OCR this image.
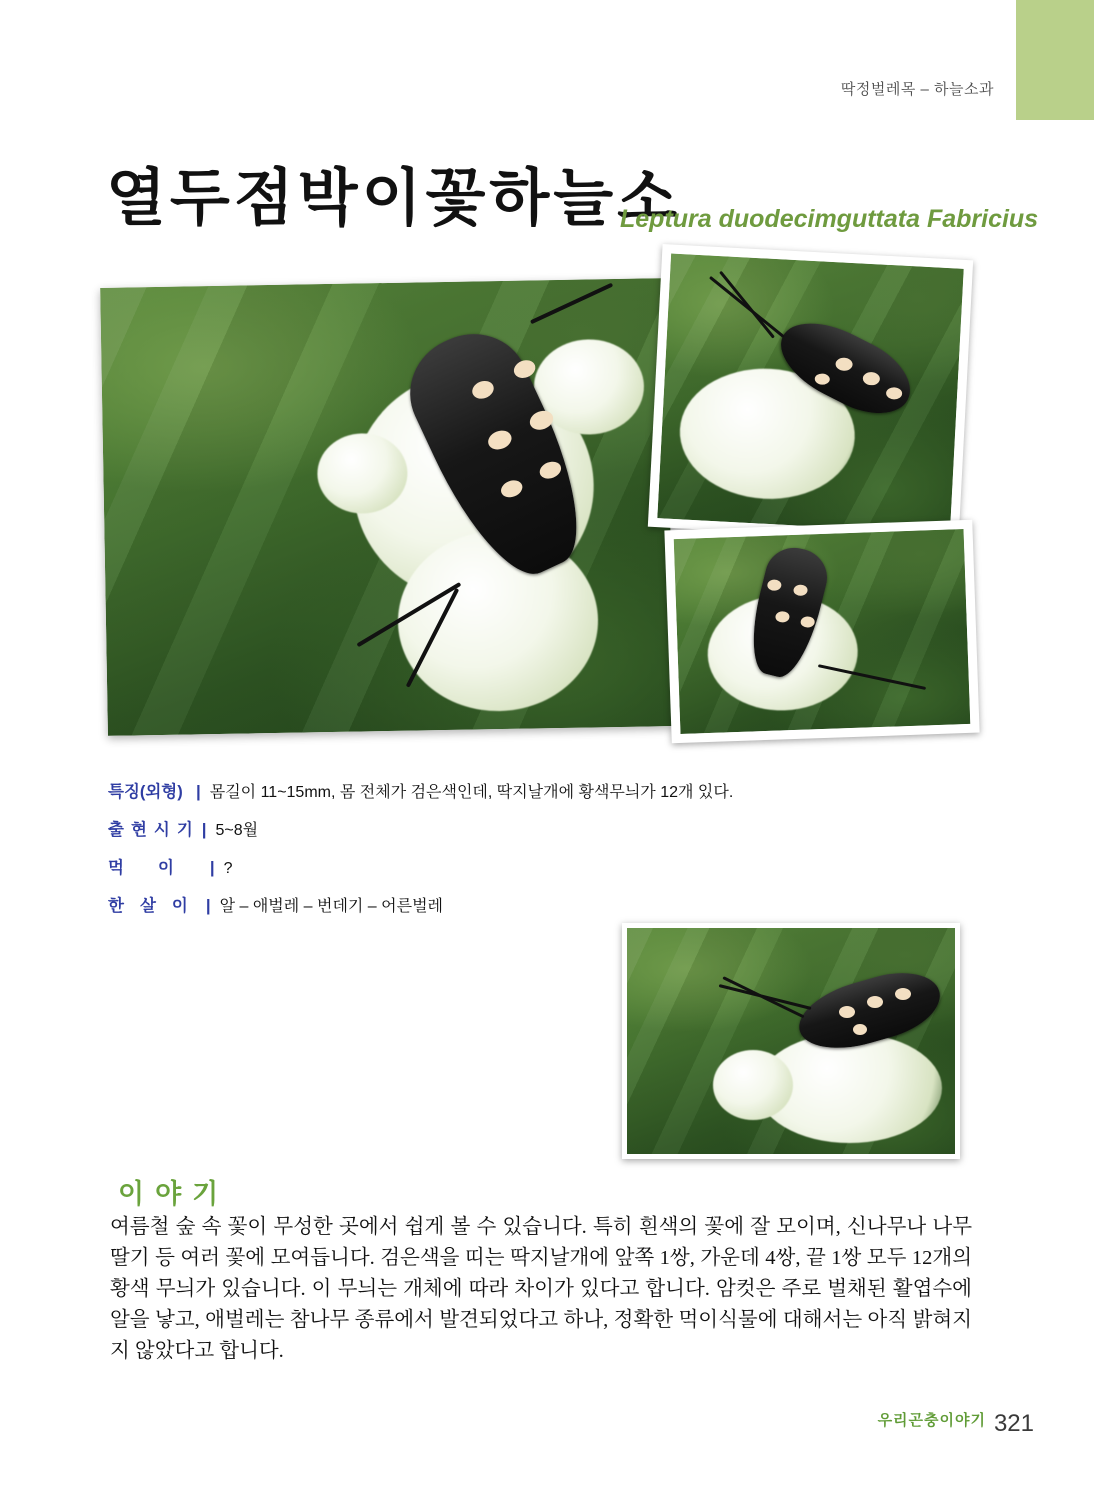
딱정벌레목 – 하늘소과
열두점박이꽃하늘소
Leptura duodecimguttata Fabricius
특징(외형) | 몸길이 11~15mm, 몸 전체가 검은색인데, 딱지날개에 황색무늬가 12개 있다.
출현시기 | 5~8월
먹이 | ?
한살이 | 알 – 애벌레 – 번데기 – 어른벌레
이야기
여름철 숲 속 꽃이 무성한 곳에서 쉽게 볼 수 있습니다. 특히 흰색의 꽃에 잘 모이며, 신나무나 나무딸기 등 여러 꽃에 모여듭니다. 검은색을 띠는 딱지날개에 앞쪽 1쌍, 가운데 4쌍, 끝 1쌍 모두 12개의 황색 무늬가 있습니다. 이 무늬는 개체에 따라 차이가 있다고 합니다. 암컷은 주로 벌채된 활엽수에 알을 낳고, 애벌레는 참나무 종류에서 발견되었다고 하나, 정확한 먹이식물에 대해서는 아직 밝혀지지 않았다고 합니다.
우리곤충이야기 321
